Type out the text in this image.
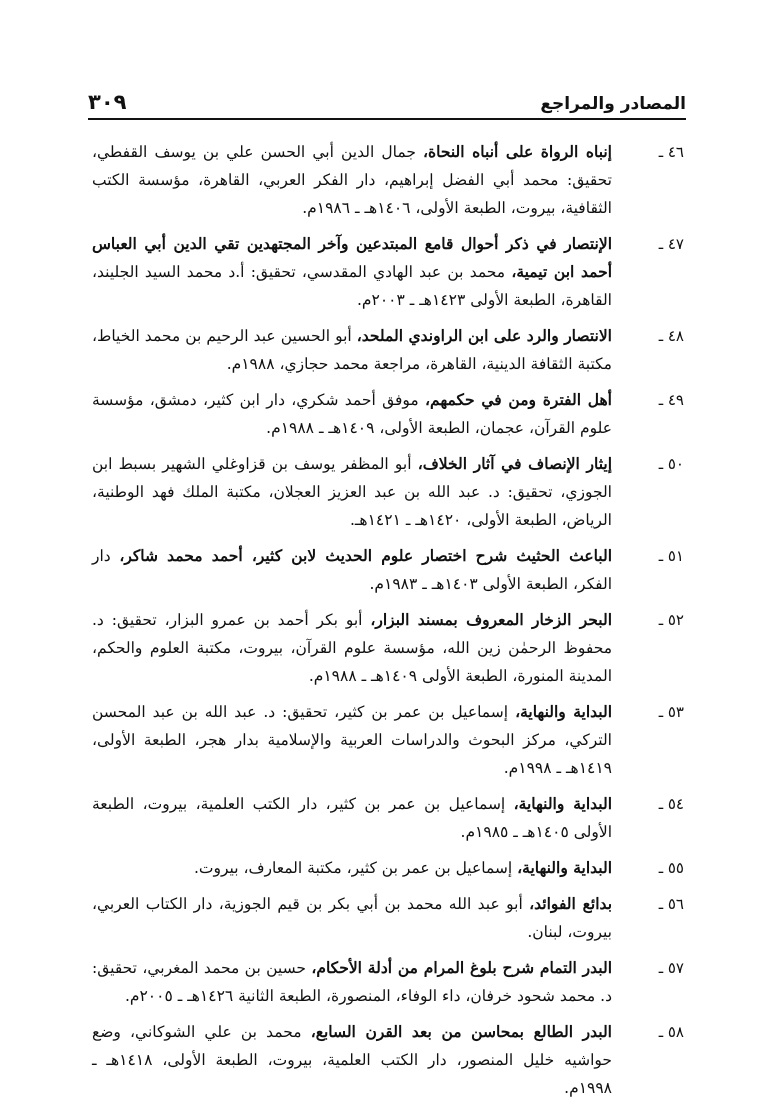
المصادر والمراجع
٣٠٩
٤٦ ـ
إنباه الرواة على أنباه النحاة، جمال الدين أبي الحسن علي بن يوسف القفطي، تحقيق: محمد أبي الفضل إبراهيم، دار الفكر العربي، القاهرة، مؤسسة الكتب الثقافية، بيروت، الطبعة الأولى، ١٤٠٦هـ ـ ١٩٨٦م.
٤٧ ـ
الإنتصار في ذكر أحوال قامع المبتدعين وآخر المجتهدين تقي الدين أبي العباس أحمد ابن تيمية، محمد بن عبد الهادي المقدسي، تحقيق: أ.د محمد السيد الجليند، القاهرة، الطبعة الأولى ١٤٢٣هـ ـ ٢٠٠٣م.
٤٨ ـ
الانتصار والرد على ابن الراوندي الملحد، أبو الحسين عبد الرحيم بن محمد الخياط، مكتبة الثقافة الدينية، القاهرة، مراجعة محمد حجازي، ١٩٨٨م.
٤٩ ـ
أهل الفترة ومن في حكمهم، موفق أحمد شكري، دار ابن كثير، دمشق، مؤسسة علوم القرآن، عجمان، الطبعة الأولى، ١٤٠٩هـ ـ ١٩٨٨م.
٥٠ ـ
إيثار الإنصاف في آثار الخلاف، أبو المظفر يوسف بن قزاوغلي الشهير بسبط ابن الجوزي، تحقيق: د. عبد الله بن عبد العزيز العجلان، مكتبة الملك فهد الوطنية، الرياض، الطبعة الأولى، ١٤٢٠هـ ـ ١٤٢١هـ.
٥١ ـ
الباعث الحثيث شرح اختصار علوم الحديث لابن كثير، أحمد محمد شاكر، دار الفكر، الطبعة الأولى ١٤٠٣هـ ـ ١٩٨٣م.
٥٢ ـ
البحر الزخار المعروف بمسند البزار، أبو بكر أحمد بن عمرو البزار، تحقيق: د. محفوظ الرحمٰن زين الله، مؤسسة علوم القرآن، بيروت، مكتبة العلوم والحكم، المدينة المنورة، الطبعة الأولى ١٤٠٩هـ ـ ١٩٨٨م.
٥٣ ـ
البداية والنهاية، إسماعيل بن عمر بن كثير، تحقيق: د. عبد الله بن عبد المحسن التركي، مركز البحوث والدراسات العربية والإسلامية بدار هجر، الطبعة الأولى، ١٤١٩هـ ـ ١٩٩٨م.
٥٤ ـ
البداية والنهاية، إسماعيل بن عمر بن كثير، دار الكتب العلمية، بيروت، الطبعة الأولى ١٤٠٥هـ ـ ١٩٨٥م.
٥٥ ـ
البداية والنهاية، إسماعيل بن عمر بن كثير، مكتبة المعارف، بيروت.
٥٦ ـ
بدائع الفوائد، أبو عبد الله محمد بن أبي بكر بن قيم الجوزية، دار الكتاب العربي، بيروت، لبنان.
٥٧ ـ
البدر التمام شرح بلوغ المرام من أدلة الأحكام، حسين بن محمد المغربي، تحقيق: د. محمد شحود خرفان، داء الوفاء، المنصورة، الطبعة الثانية ١٤٢٦هـ ـ ٢٠٠٥م.
٥٨ ـ
البدر الطالع بمحاسن من بعد القرن السابع، محمد بن علي الشوكاني، وضع حواشيه خليل المنصور، دار الكتب العلمية، بيروت، الطبعة الأولى، ١٤١٨هـ ـ ١٩٩٨م.
